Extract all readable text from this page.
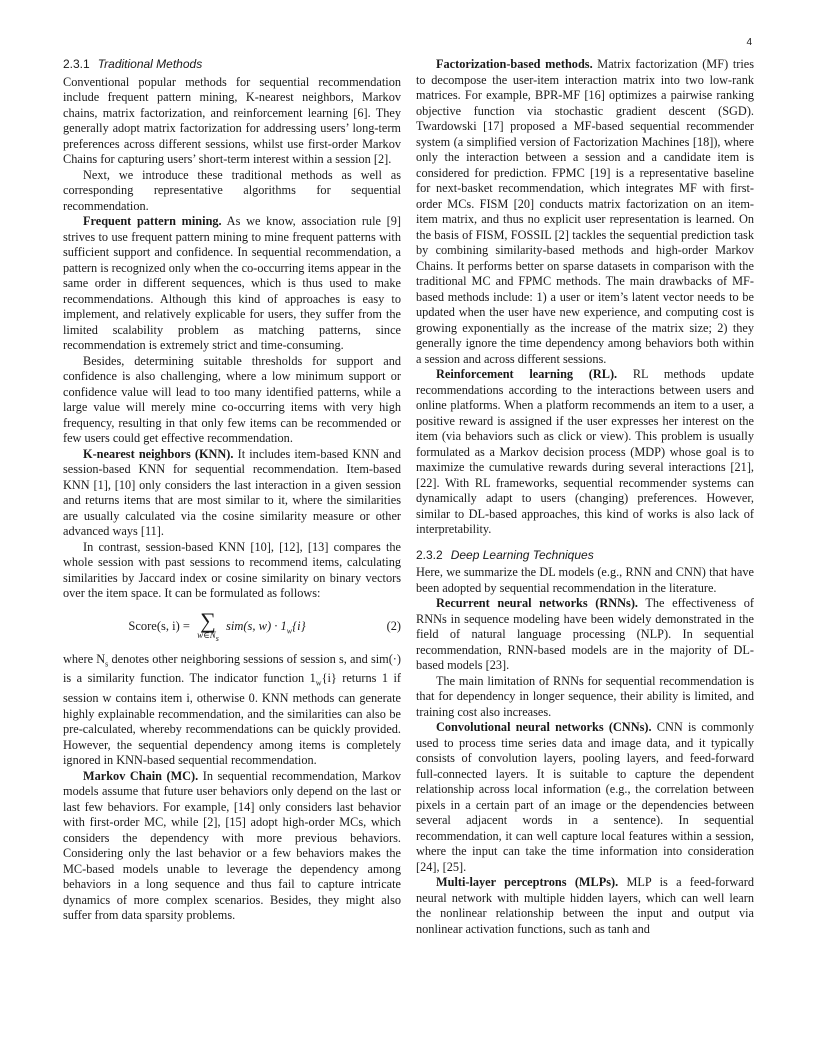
4
2.3.1 Traditional Methods

Conventional popular methods for sequential recommendation include frequent pattern mining, K-nearest neighbors, Markov chains, matrix factorization, and reinforcement learning [6]. They generally adopt matrix factorization for addressing users’ long-term preferences across different sessions, whilst use first-order Markov Chains for capturing users’ short-term interest within a session [2].

Next, we introduce these traditional methods as well as corresponding representative algorithms for sequential recommendation.

Frequent pattern mining. As we know, association rule [9] strives to use frequent pattern mining to mine frequent patterns with sufficient support and confidence. In sequential recommendation, a pattern is recognized only when the co-occurring items appear in the same order in different sequences, which is thus used to make recommendations. Although this kind of approaches is easy to implement, and relatively explicable for users, they suffer from the limited scalability problem as matching patterns, since recommendation is extremely strict and time-consuming.

Besides, determining suitable thresholds for support and confidence is also challenging, where a low minimum support or confidence value will lead to too many identified patterns, while a large value will merely mine co-occurring items with very high frequency, resulting in that only few items can be recommended or few users could get effective recommendation.

K-nearest neighbors (KNN). It includes item-based KNN and session-based KNN for sequential recommendation. Item-based KNN [1], [10] only considers the last interaction in a given session and returns items that are most similar to it, where the similarities are usually calculated via the cosine similarity measure or other advanced ways [11].

In contrast, session-based KNN [10], [12], [13] compares the whole session with past sessions to recommend items, calculating similarities by Jaccard index or cosine similarity on binary vectors over the item space. It can be formulated as follows:

Score(s, i) = ∑
$w\in N_s$
sim(s, $w) \cdot 1_w\{i\}$	(2)

where $N_s$ denotes other neighboring sessions of session s, and sim(·) is a similarity function. The indicator function $1_w\{i\}$ returns 1 if session w contains item i, otherwise 0. KNN methods can generate highly explainable recommendation, and the similarities can also be pre-calculated, whereby recommendations can be quickly provided. However, the sequential dependency among items is completely ignored in KNN-based sequential recommendation.

Markov Chain (MC). In sequential recommendation, Markov models assume that future user behaviors only depend on the last or last few behaviors. For example, [14] only considers last behavior with first-order MC, while [2], [15] adopt high-order MCs, which considers the dependency with more previous behaviors. Considering only the last behavior or a few behaviors makes the MC-based models unable to leverage the dependency among behaviors in a long sequence and thus fail to capture intricate dynamics of more complex scenarios. Besides, they might also suffer from data sparsity problems.

Factorization-based methods. Matrix factorization (MF) tries to decompose the user-item interaction matrix into two low-rank matrices. For example, BPR-MF [16] optimizes a pairwise ranking objective function via stochastic gradient descent (SGD). Twardowski [17] proposed a MF-based sequential recommender system (a simplified version of Factorization Machines [18]), where only the interaction between a session and a candidate item is considered for prediction. FPMC [19] is a representative baseline for next-basket recommendation, which integrates MF with first-order MCs. FISM [20] conducts matrix factorization on an item-item matrix, and thus no explicit user representation is learned. On the basis of FISM, FOSSIL [2] tackles the sequential prediction task by combining similarity-based methods and high-order Markov Chains. It performs better on sparse datasets in comparison with the traditional MC and FPMC methods. The main drawbacks of MF-based methods include: 1) a user or item’s latent vector needs to be updated when the user have new experience, and computing cost is growing exponentially as the increase of the matrix size; 2) they generally ignore the time dependency among behaviors both within a session and across different sessions.

Reinforcement learning (RL). RL methods update recommendations according to the interactions between users and online platforms. When a platform recommends an item to a user, a positive reward is assigned if the user expresses her interest on the item (via behaviors such as click or view). This problem is usually formulated as a Markov decision process (MDP) whose goal is to maximize the cumulative rewards during several interactions [21], [22]. With RL frameworks, sequential recommender systems can dynamically adapt to users (changing) preferences. However, similar to DL-based approaches, this kind of works is also lack of interpretability.

2.3.2 Deep Learning Techniques

Here, we summarize the DL models (e.g., RNN and CNN) that have been adopted by sequential recommendation in the literature.

Recurrent neural networks (RNNs). The effectiveness of RNNs in sequence modeling have been widely demonstrated in the field of natural language processing (NLP). In sequential recommendation, RNN-based models are in the majority of DL-based models [23].

The main limitation of RNNs for sequential recommendation is that for dependency in longer sequence, their ability is limited, and training cost also increases.

Convolutional neural networks (CNNs). CNN is commonly used to process time series data and image data, and it typically consists of convolution layers, pooling layers, and feed-forward full-connected layers. It is suitable to capture the dependent relationship across local information (e.g., the correlation between pixels in a certain part of an image or the dependencies between several adjacent words in a sentence). In sequential recommendation, it can well capture local features within a session, where the input can take the time information into consideration [24], [25].

Multi-layer perceptrons (MLPs). MLP is a feed-forward neural network with multiple hidden layers, which can well learn the nonlinear relationship between the input and output via nonlinear activation functions, such as tanh and
